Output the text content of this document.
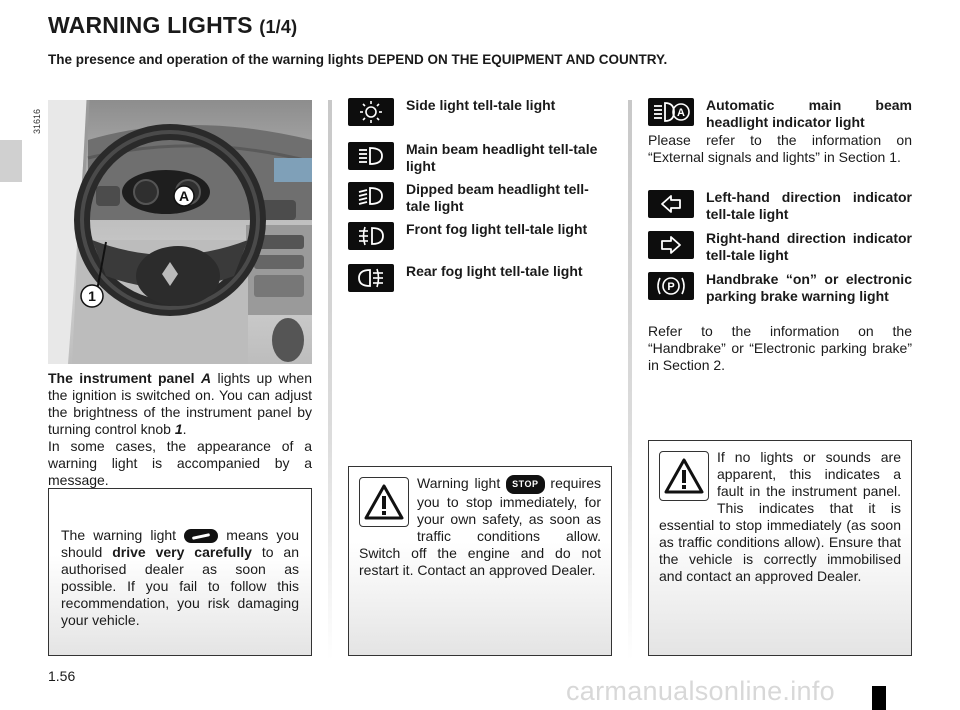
WARNING LIGHTS (1/4)

The presence and operation of the warning lights DEPEND ON THE EQUIPMENT AND COUNTRY.

31616
A
1

The instrument panel A lights up when the ignition is switched on. You can adjust the brightness of the instrument panel by turning control knob 1.

In some cases, the appearance of a warning light is accompanied by a message.

The warning light  means you should drive very carefully to an authorised dealer as soon as possible. If you fail to follow this recommendation, you risk damaging your vehicle.
Side light tell-tale light
Main beam headlight tell-tale light
Dipped beam headlight tell-tale light
Front fog light tell-tale light
Rear fog light tell-tale light
Warning light STOP requires you to stop immediately, for your own safety, as soon as traffic conditions allow. Switch off the engine and do not restart it. Contact an approved Dealer.
A Automatic main beam headlight indicator light

Please refer to the information on “External signals and lights” in Section 1.

Left-hand direction indicator tell-tale light
Right-hand direction indicator tell-tale light
P Handbrake “on” or electronic parking brake warning light

Refer to the information on the “Handbrake” or “Electronic parking brake” in Section 2.

If no lights or sounds are apparent, this indicates a fault in the instrument panel. This indicates that it is essential to stop immediately (as soon as traffic conditions allow). Ensure that the vehicle is correctly immobilised and contact an approved Dealer.
1.56	carmanualsonline.info
